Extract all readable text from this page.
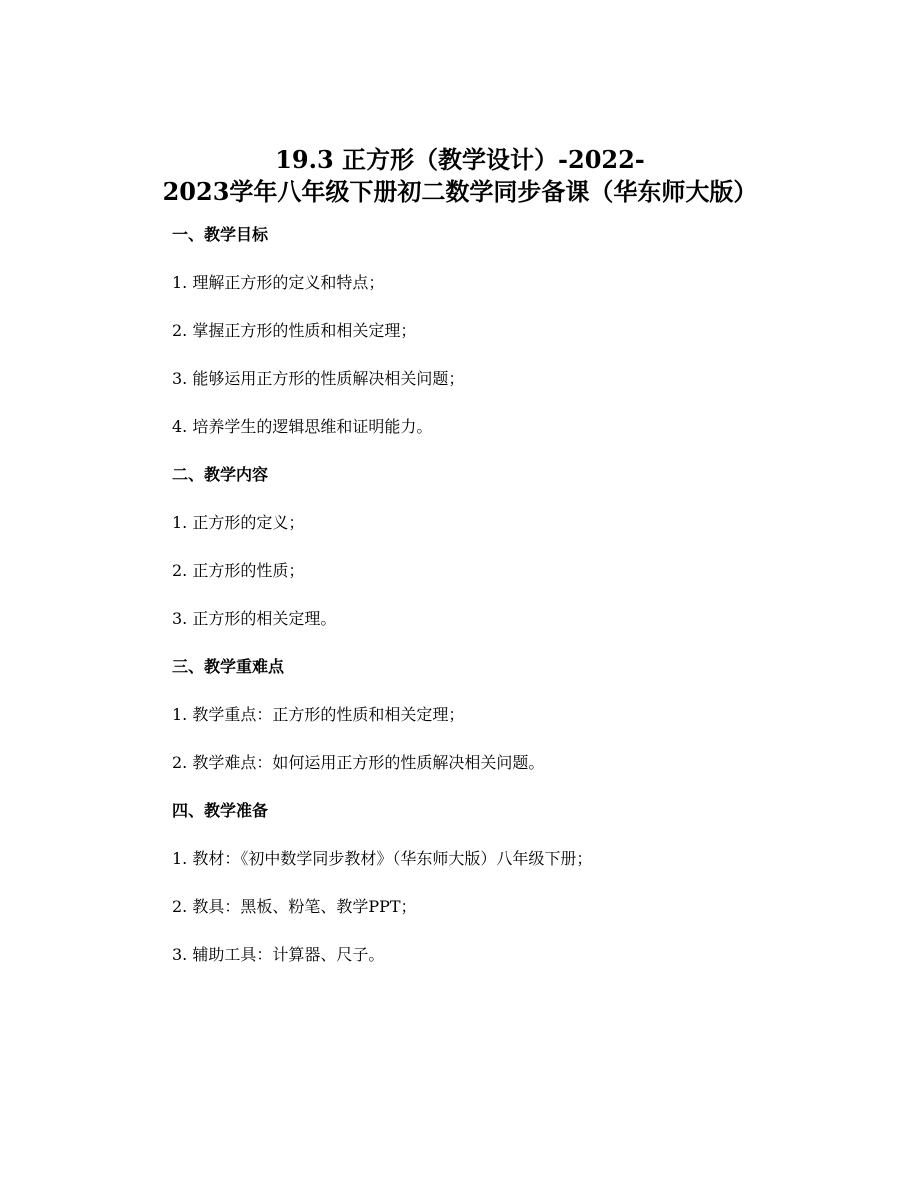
19.3 正方形（教学设计）-2022-
2023学年八年级下册初二数学同步备课（华东师大版）
一、教学目标
1. 理解正方形的定义和特点；
2. 掌握正方形的性质和相关定理；
3. 能够运用正方形的性质解决相关问题；
4. 培养学生的逻辑思维和证明能力。
二、教学内容
1. 正方形的定义；
2. 正方形的性质；
3. 正方形的相关定理。
三、教学重难点
1. 教学重点：正方形的性质和相关定理；
2. 教学难点：如何运用正方形的性质解决相关问题。
四、教学准备
1. 教材：《初中数学同步教材》（华东师大版）八年级下册；
2. 教具：黑板、粉笔、教学PPT；
3. 辅助工具：计算器、尺子。
